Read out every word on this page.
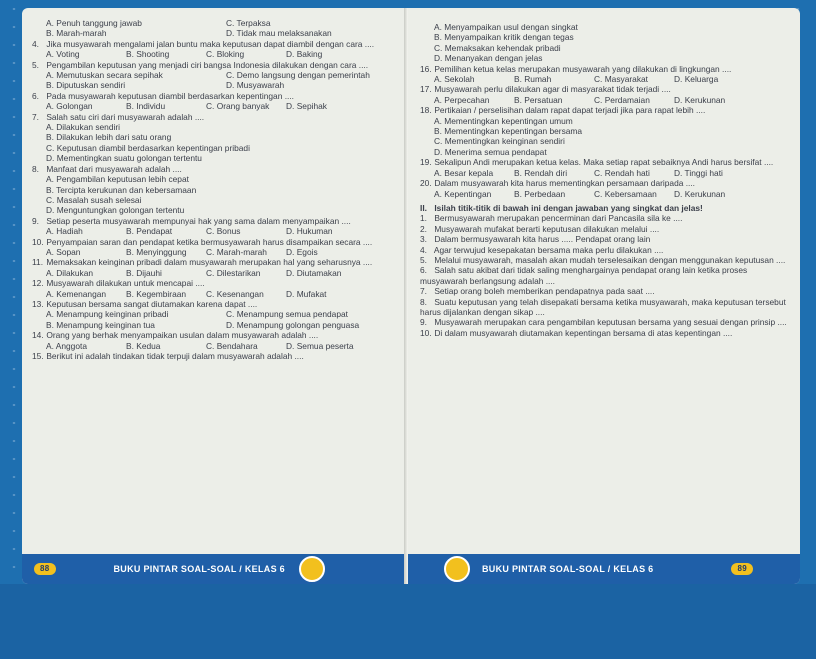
A. Penuh tanggung jawab	C. Terpaksa
B. Marah-marah	D. Tidak mau melaksanakan
4. Jika musyawarah mengalami jalan buntu maka keputusan dapat diambil dengan cara ....
A. Voting	B. Shooting	C. Bloking	D. Baking
5. Pengambilan keputusan yang menjadi ciri bangsa Indonesia dilakukan dengan cara ....
A. Memutuskan secara sepihak	C. Demo langsung dengan pemerintah
B. Diputuskan sendiri	D. Musyawarah
6. Pada musyawarah keputusan diambil berdasarkan kepentingan ....
A. Golongan	B. Individu	C. Orang banyak	D. Sepihak
7. Salah satu ciri dari musyawarah adalah ....
A. Dilakukan sendiri
B. Dilakukan lebih dari satu orang
C. Keputusan diambil berdasarkan kepentingan pribadi
D. Mementingkan suatu golongan tertentu
8. Manfaat dari musyawarah adalah ....
A. Pengambilan keputusan lebih cepat
B. Tercipta kerukunan dan kebersamaan
C. Masalah susah selesai
D. Menguntungkan golongan tertentu
9. Setiap peserta musyawarah mempunyai hak yang sama dalam menyampaikan ....
A. Hadiah	B. Pendapat	C. Bonus	D. Hukuman
10. Penyampaian saran dan pendapat ketika bermusyawarah harus disampaikan secara ....
A. Sopan	B. Menyinggung	C. Marah-marah	D. Egois
11. Memaksakan keinginan pribadi dalam musyawarah merupakan hal yang seharusnya ....
A. Dilakukan	B. Dijauhi	C. Dilestarikan	D. Diutamakan
12. Musyawarah dilakukan untuk mencapai ....
A. Kemenangan	B. Kegembiraan	C. Kesenangan	D. Mufakat
13. Keputusan bersama sangat diutamakan karena dapat ....
A. Menampung keinginan pribadi	C. Menampung semua pendapat
B. Menampung keinginan tua	D. Menampung golongan penguasa
14. Orang yang berhak menyampaikan usulan dalam musyawarah adalah ....
A. Anggota	B. Kedua	C. Bendahara	D. Semua peserta
15. Berikut ini adalah tindakan tidak terpuji dalam musyawarah adalah ....
88	BUKU PINTAR SOAL-SOAL / KELAS 6
A. Menyampaikan usul dengan singkat
B. Menyampaikan kritik dengan tegas
C. Memaksakan kehendak pribadi
D. Menanyakan dengan jelas
16. Pemilihan ketua kelas merupakan musyawarah yang dilakukan di lingkungan ....
A. Sekolah	B. Rumah	C. Masyarakat	D. Keluarga
17. Musyawarah perlu dilakukan agar di masyarakat tidak terjadi ....
A. Perpecahan	B. Persatuan	C. Perdamaian	D. Kerukunan
18. Pertikaian / perselisihan dalam rapat dapat terjadi jika para rapat lebih ....
A. Mementingkan kepentingan umum
B. Mementingkan kepentingan bersama
C. Mementingkan keinginan sendiri
D. Menerima semua pendapat
19. Sekalipun Andi merupakan ketua kelas. Maka setiap rapat sebaiknya Andi harus bersifat ....
A. Besar kepala	B. Rendah diri	C. Rendah hati	D. Tinggi hati
20. Dalam musyawarah kita harus mementingkan persamaan daripada ....
A. Kepentingan	B. Perbedaan	C. Kebersamaan	D. Kerukunan
II. Isilah titik-titik di bawah ini dengan jawaban yang singkat dan jelas!
1. Bermusyawarah merupakan pencerminan dari Pancasila sila ke ....
2. Musyawarah mufakat berarti keputusan dilakukan melalui ....
3. Dalam bermusyawarah kita harus ..... Pendapat orang lain
4. Agar terwujud kesepakatan bersama maka perlu dilakukan ....
5. Melalui musyawarah, masalah akan mudah terselesaikan dengan menggunakan keputusan ....
6. Salah satu akibat dari tidak saling menghargainya pendapat orang lain ketika proses musyawarah berlangsung adalah ....
7. Setiap orang boleh memberikan pendapatnya pada saat ....
8. Suatu keputusan yang telah disepakati bersama ketika musyawarah, maka keputusan tersebut harus dijalankan dengan sikap ....
9. Musyawarah merupakan cara pengambilan keputusan bersama yang sesuai dengan prinsip ....
10. Di dalam musyawarah diutamakan kepentingan bersama di atas kepentingan ....
BUKU PINTAR SOAL-SOAL / KELAS 6	89
